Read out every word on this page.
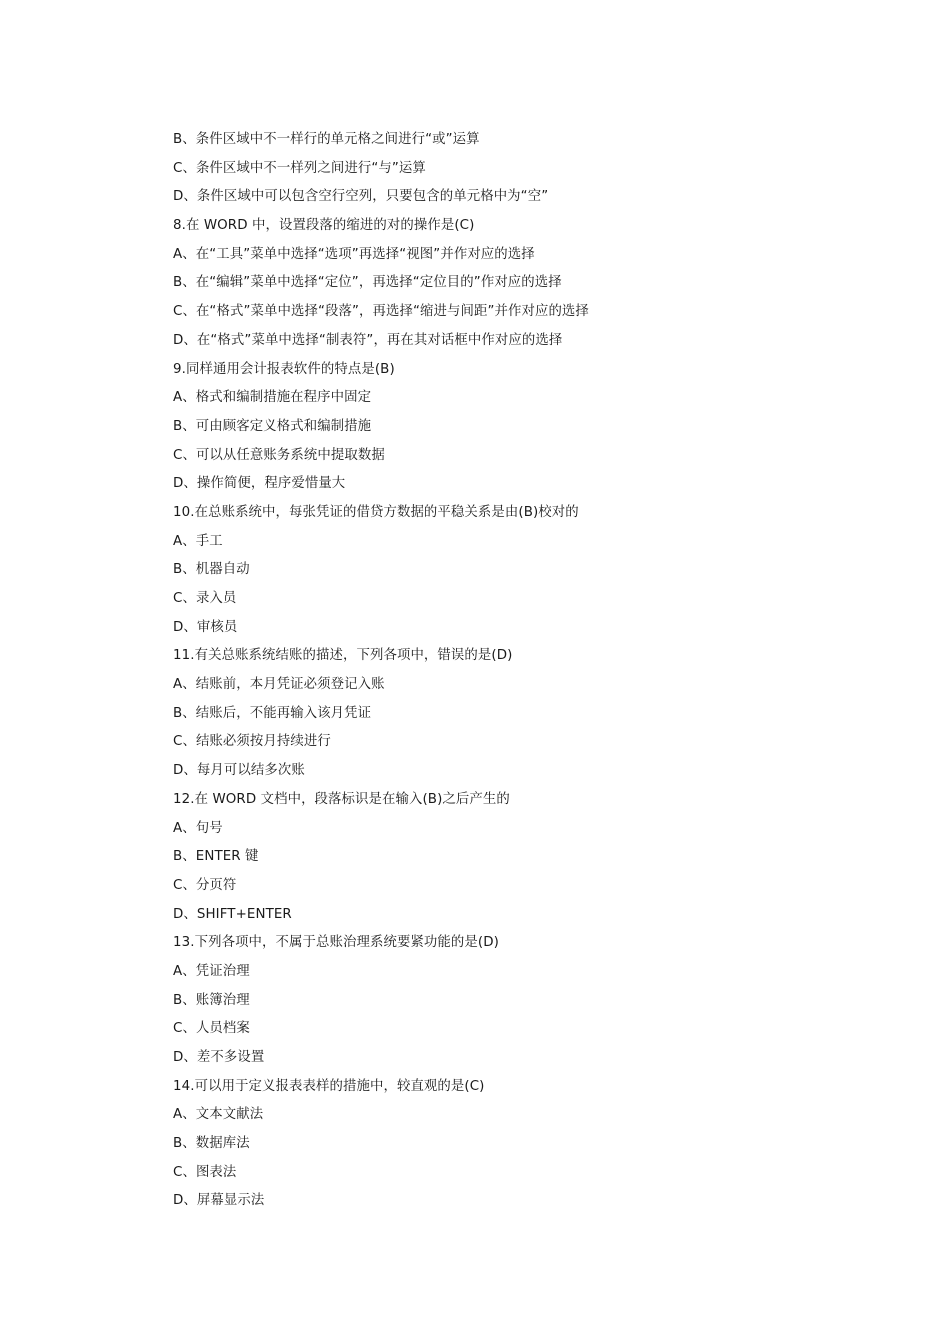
B、条件区域中不一样行的单元格之间进行“或”运算
C、条件区域中不一样列之间进行“与”运算
D、条件区域中可以包含空行空列，只要包含的单元格中为“空”
8.在 WORD 中，设置段落的缩进的对的操作是(C)
A、在“工具”菜单中选择“选项”再选择“视图”并作对应的选择
B、在“编辑”菜单中选择“定位”，再选择“定位目的”作对应的选择
C、在“格式”菜单中选择“段落”，再选择“缩进与间距”并作对应的选择
D、在“格式”菜单中选择“制表符”，再在其对话框中作对应的选择
9.同样通用会计报表软件的特点是(B)
A、格式和编制措施在程序中固定
B、可由顾客定义格式和编制措施
C、可以从任意账务系统中提取数据
D、操作简便，程序爱惜量大
10.在总账系统中，每张凭证的借贷方数据的平稳关系是由(B)校对的
A、手工
B、机器自动
C、录入员
D、审核员
11.有关总账系统结账的描述，下列各项中，错误的是(D)
A、结账前，本月凭证必须登记入账
B、结账后，不能再输入该月凭证
C、结账必须按月持续进行
D、每月可以结多次账
12.在 WORD 文档中，段落标识是在输入(B)之后产生的
A、句号
B、ENTER 键
C、分页符
D、SHIFT+ENTER
13.下列各项中，不属于总账治理系统要紧功能的是(D)
A、凭证治理
B、账簿治理
C、人员档案
D、差不多设置
14.可以用于定义报表表样的措施中，较直观的是(C)
A、文本文献法
B、数据库法
C、图表法
D、屏幕显示法
